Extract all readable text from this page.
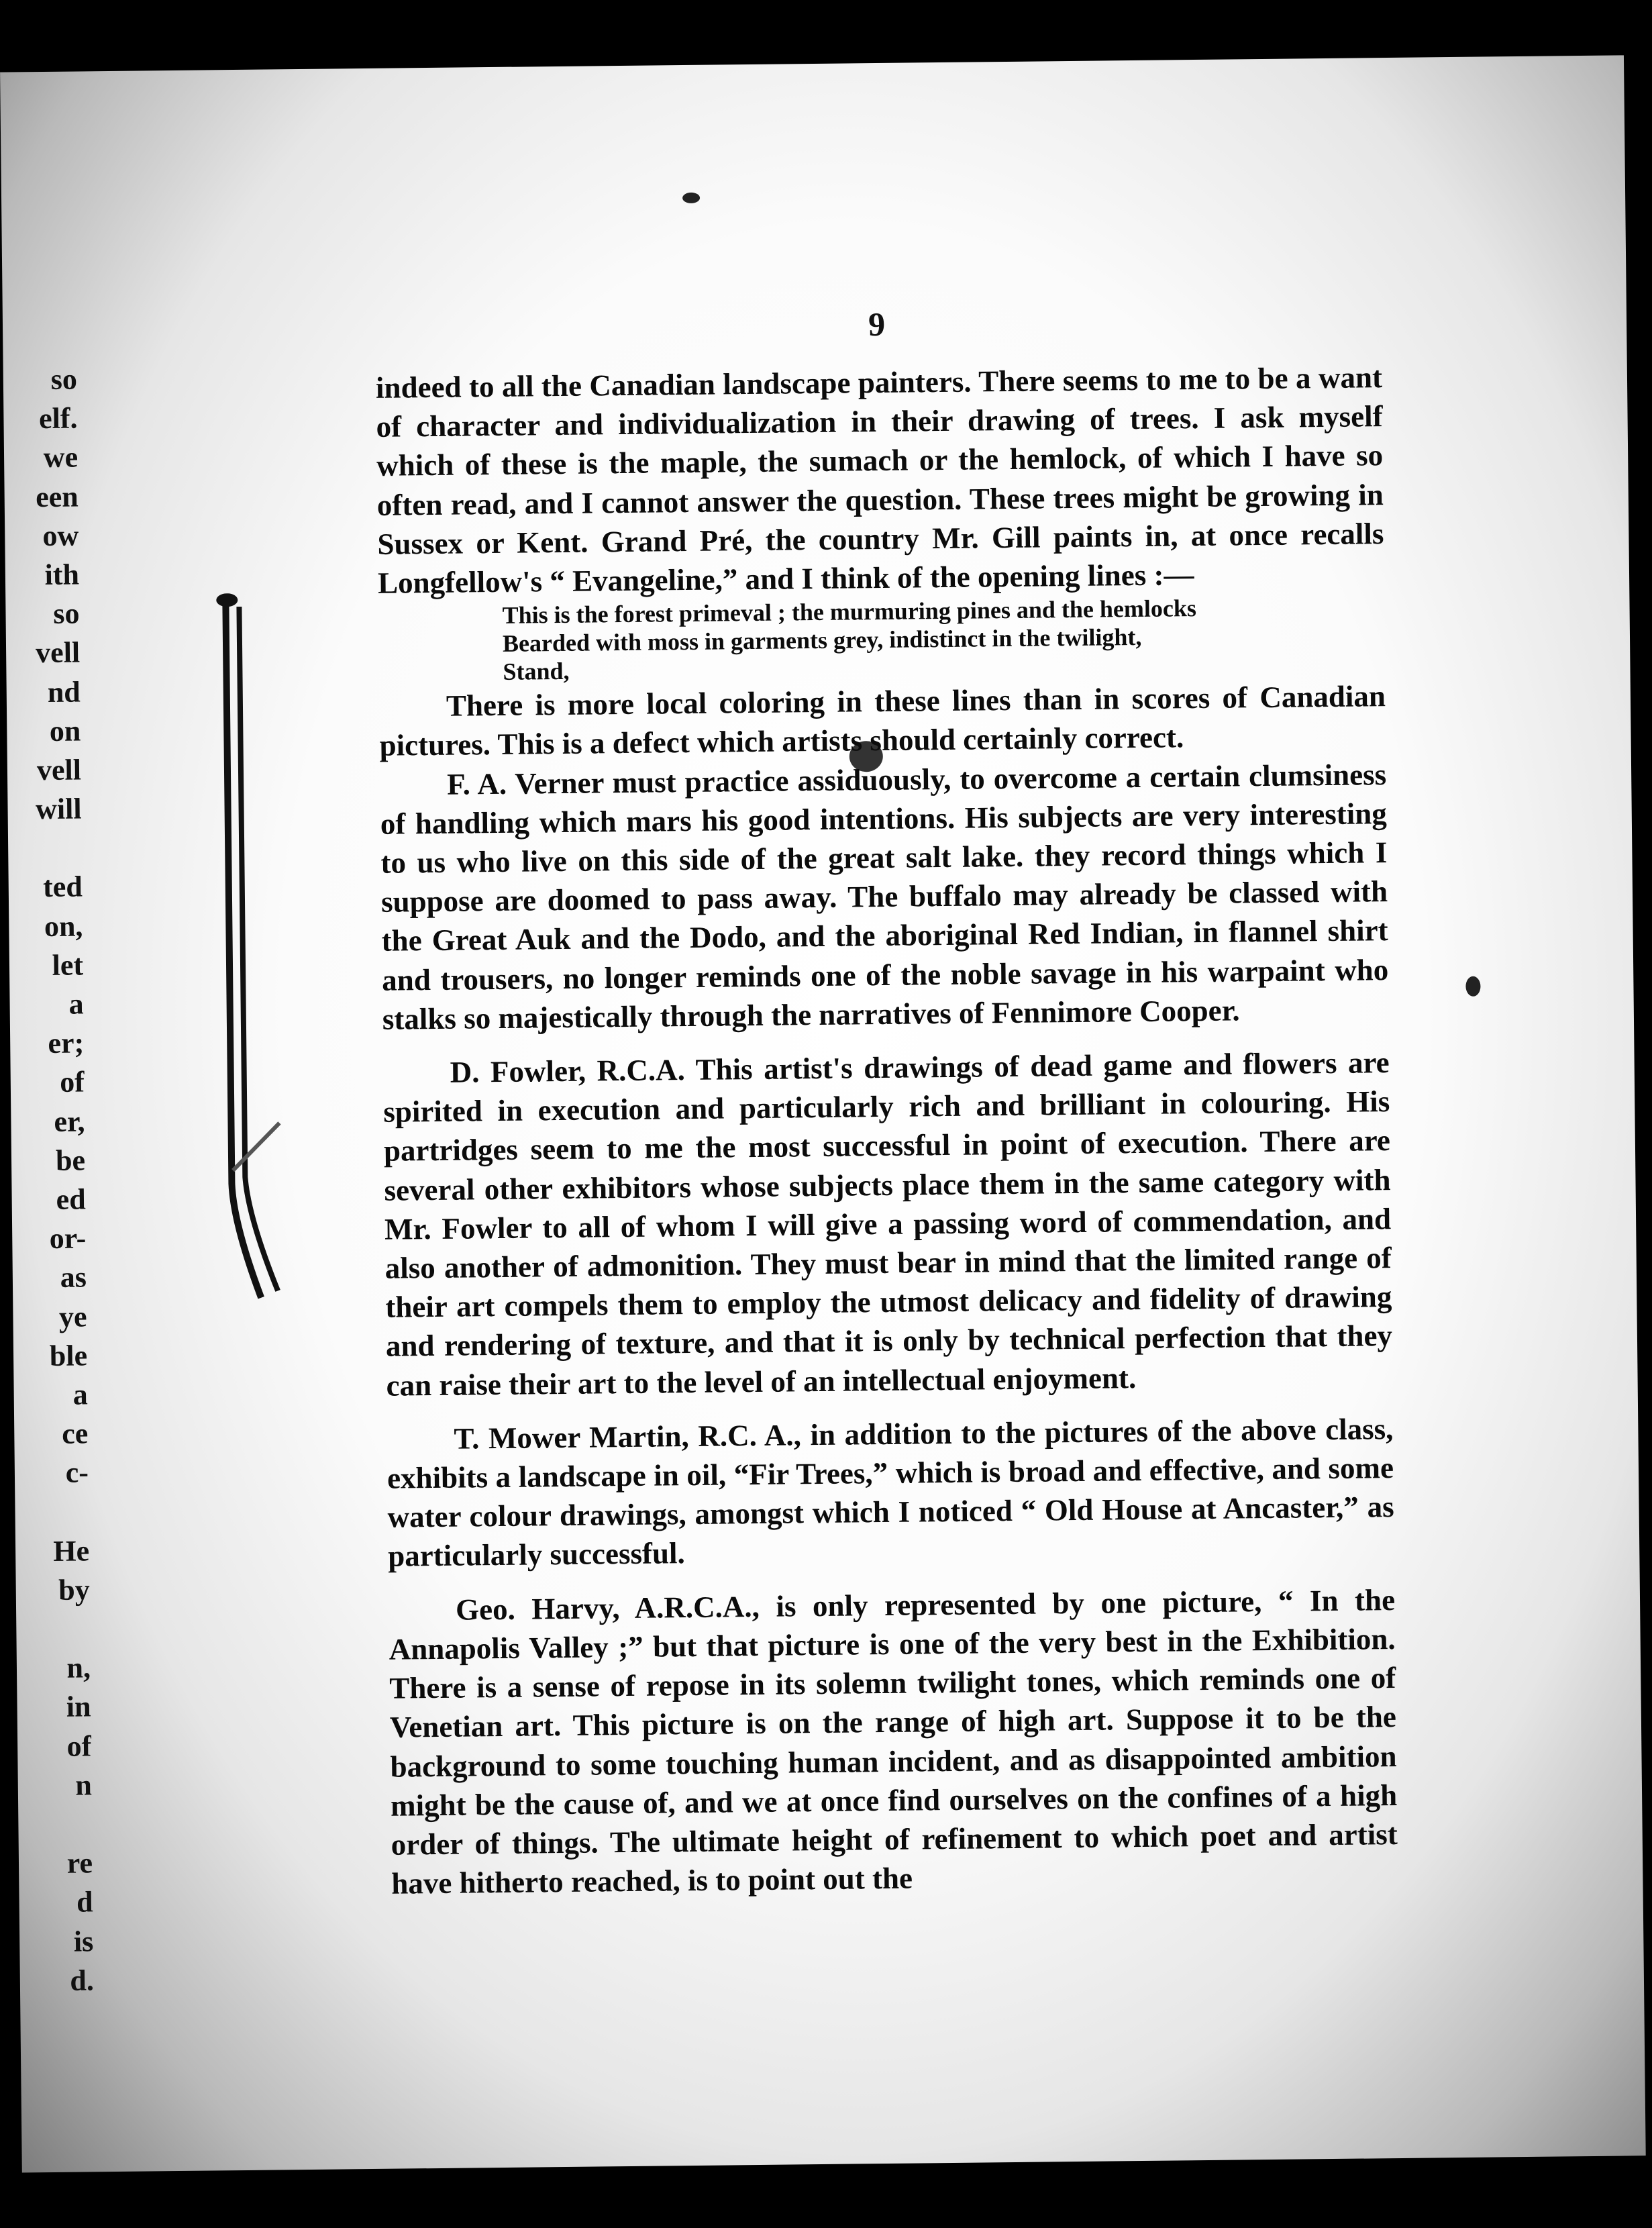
so
elf.
we
een
ow
ith
so
vell
nd
on
vell
will
ted
on,
let
a
er;
of
er,
be
ed
or-
as
ye
ble
a
ce
c-
He
by
n,
in
of
n
re
d
is
d.
9

indeed to all the Canadian landscape painters. There seems to me to be a want of character and individualization in their drawing of trees. I ask myself which of these is the maple, the sumach or the hemlock, of which I have so often read, and I cannot answer the question. These trees might be growing in Sussex or Kent. Grand Pré, the country Mr. Gill paints in, at once recalls Longfellow's “ Evangeline,” and I think of the opening lines :—

This is the forest primeval ; the murmuring pines and the hemlocks
Bearded with moss in garments grey, indistinct in the twilight,
Stand,

There is more local coloring in these lines than in scores of Canadian pictures. This is a defect which artists should certainly correct.

F. A. Verner must practice assiduously, to overcome a certain clumsiness of handling which mars his good intentions. His subjects are very interesting to us who live on this side of the great salt lake. they record things which I suppose are doomed to pass away. The buffalo may already be classed with the Great Auk and the Dodo, and the aboriginal Red Indian, in flannel shirt and trousers, no longer reminds one of the noble savage in his warpaint who stalks so majestically through the narratives of Fennimore Cooper.

D. Fowler, R.C.A. This artist's drawings of dead game and flowers are spirited in execution and particularly rich and brilliant in colouring. His partridges seem to me the most successful in point of execution. There are several other exhibitors whose subjects place them in the same category with Mr. Fowler to all of whom I will give a passing word of commendation, and also another of admonition. They must bear in mind that the limited range of their art compels them to employ the utmost delicacy and fidelity of drawing and rendering of texture, and that it is only by technical perfection that they can raise their art to the level of an intellectual enjoyment.

T. Mower Martin, R.C. A., in addition to the pictures of the above class, exhibits a landscape in oil, “Fir Trees,” which is broad and effective, and some water colour drawings, amongst which I noticed “ Old House at Ancaster,” as particularly successful.

Geo. Harvy, A.R.C.A., is only represented by one picture, “ In the Annapolis Valley ;” but that picture is one of the very best in the Exhibition. There is a sense of repose in its solemn twilight tones, which reminds one of Venetian art. This picture is on the range of high art. Suppose it to be the background to some touching human incident, and as disappointed ambition might be the cause of, and we at once find ourselves on the confines of a high order of things. The ultimate height of refinement to which poet and artist have hitherto reached, is to point out the
